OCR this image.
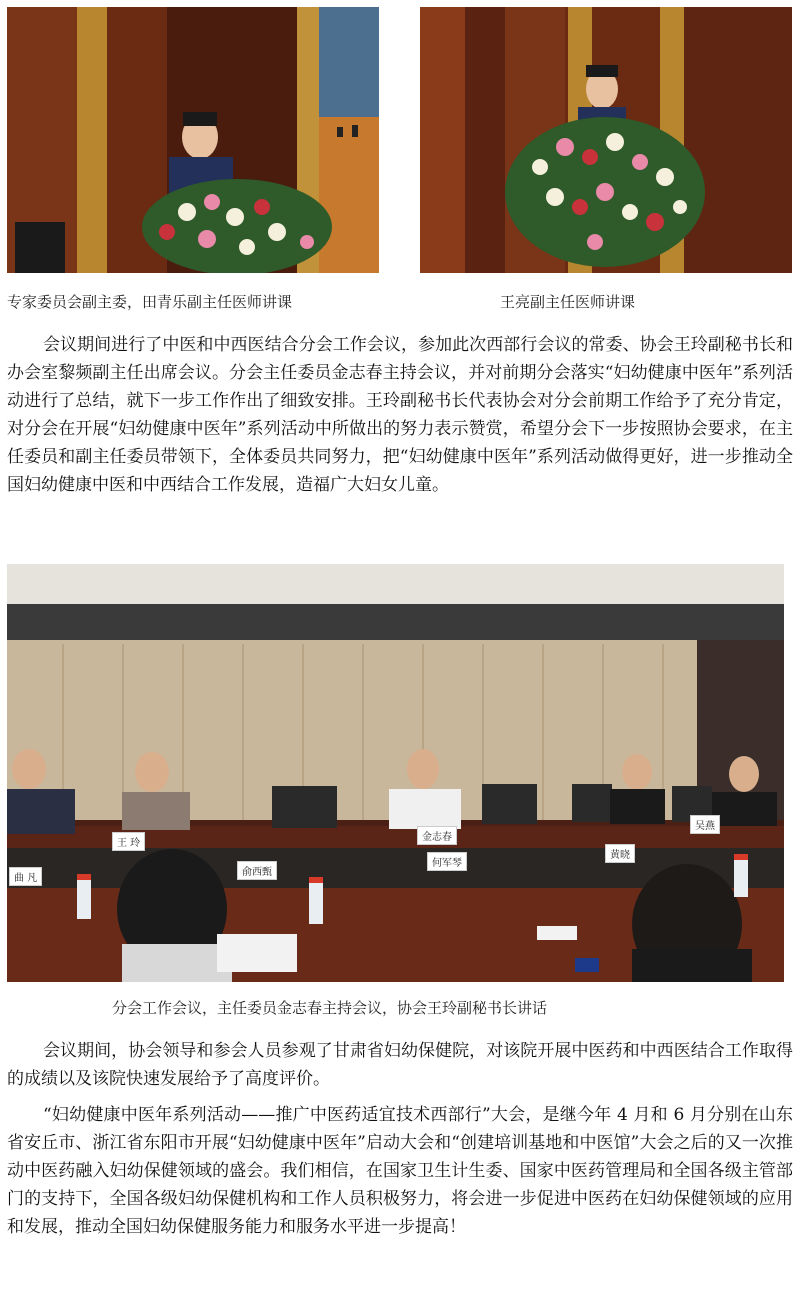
专家委员会副主委，田青乐副主任医师讲课	王亮副主任医师讲课

会议期间进行了中医和中西医结合分会工作会议，参加此次西部行会议的常委、协会王玲副秘书长和办会室黎频副主任出席会议。分会主任委员金志春主持会议，并对前期分会落实“妇幼健康中医年”系列活动进行了总结，就下一步工作作出了细致安排。王玲副秘书长代表协会对分会前期工作给予了充分肯定，对分会在开展“妇幼健康中医年”系列活动中所做出的努力表示赞赏，希望分会下一步按照协会要求，在主任委员和副主任委员带领下，全体委员共同努力，把“妇幼健康中医年”系列活动做得更好，进一步推动全国妇幼健康中医和中西结合工作发展，造福广大妇女儿童。

曲 凡
王 玲
俞西甄
金志春
何军琴
黄晓
吴燕
分会工作会议，主任委员金志春主持会议，协会王玲副秘书长讲话

会议期间，协会领导和参会人员参观了甘肃省妇幼保健院，对该院开展中医药和中西医结合工作取得的成绩以及该院快速发展给予了高度评价。

“妇幼健康中医年系列活动——推广中医药适宜技术西部行”大会，是继今年 4 月和 6 月分别在山东省安丘市、浙江省东阳市开展“妇幼健康中医年”启动大会和“创建培训基地和中医馆”大会之后的又一次推动中医药融入妇幼保健领域的盛会。我们相信，在国家卫生计生委、国家中医药管理局和全国各级主管部门的支持下，全国各级妇幼保健机构和工作人员积极努力，将会进一步促进中医药在妇幼保健领域的应用和发展，推动全国妇幼保健服务能力和服务水平进一步提高！
